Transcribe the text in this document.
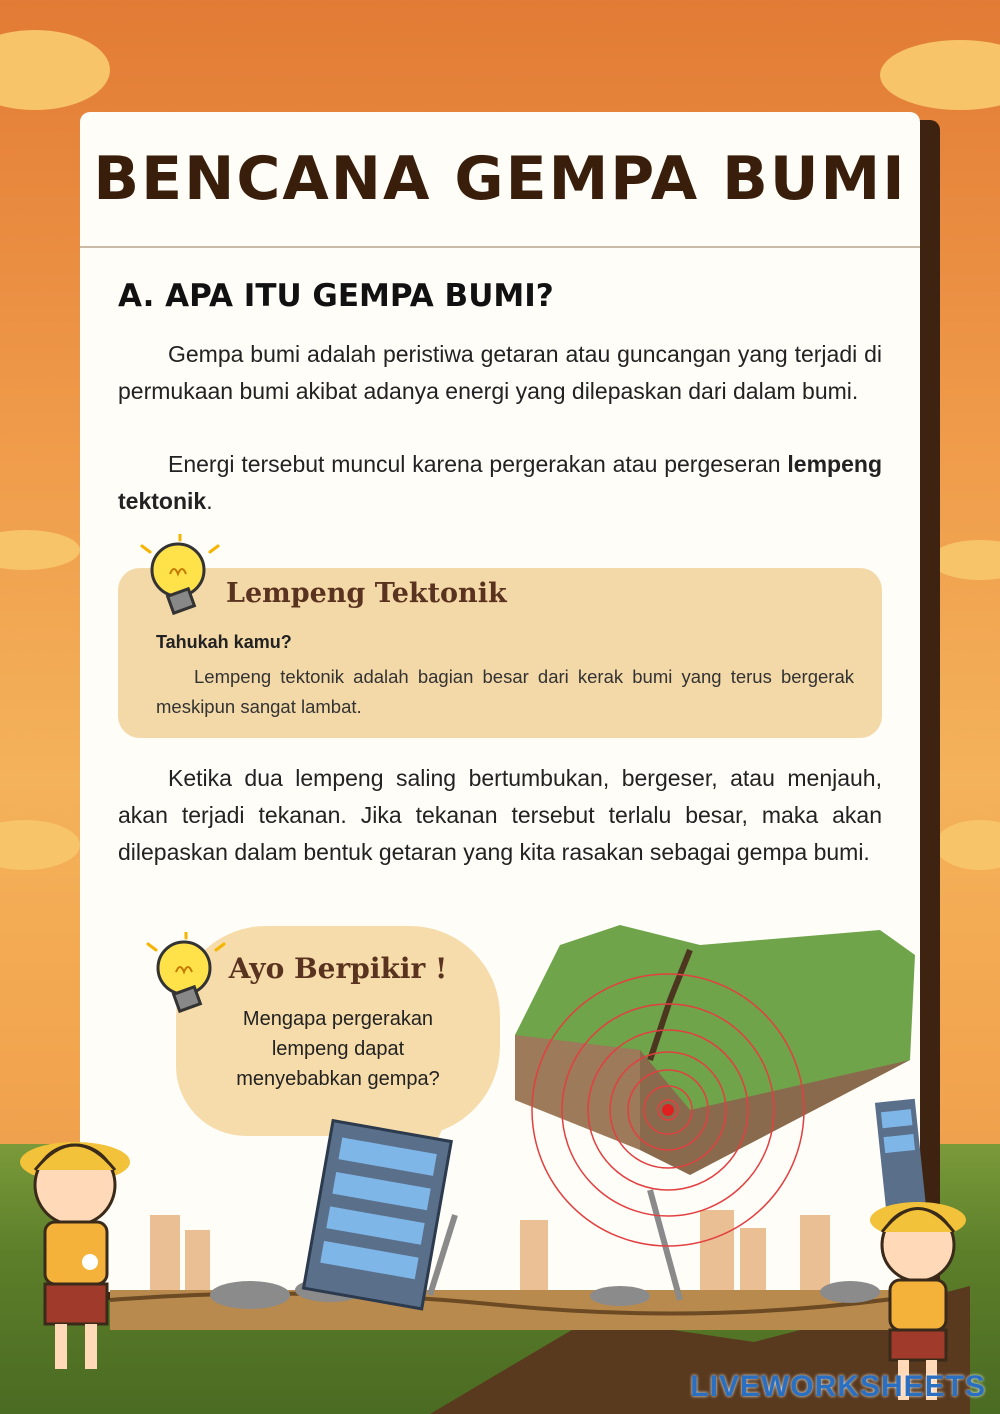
BENCANA GEMPA BUMI
A. APA ITU GEMPA BUMI?

Gempa bumi adalah peristiwa getaran atau guncangan yang terjadi di permukaan bumi akibat adanya energi yang dilepaskan dari dalam bumi.

Energi tersebut muncul karena pergerakan atau pergeseran lempeng tektonik.

Lempeng Tektonik

Tahukah kamu?

Lempeng tektonik adalah bagian besar dari kerak bumi yang terus bergerak meskipun sangat lambat.

Ketika dua lempeng saling bertumbukan, bergeser, atau menjauh, akan terjadi tekanan. Jika tekanan tersebut terlalu besar, maka akan dilepaskan dalam bentuk getaran yang kita rasakan sebagai gempa bumi.

Ayo Berpikir !

Mengapa pergerakan lempeng dapat menyebabkan gempa?

LIVEWORKSHEETS
